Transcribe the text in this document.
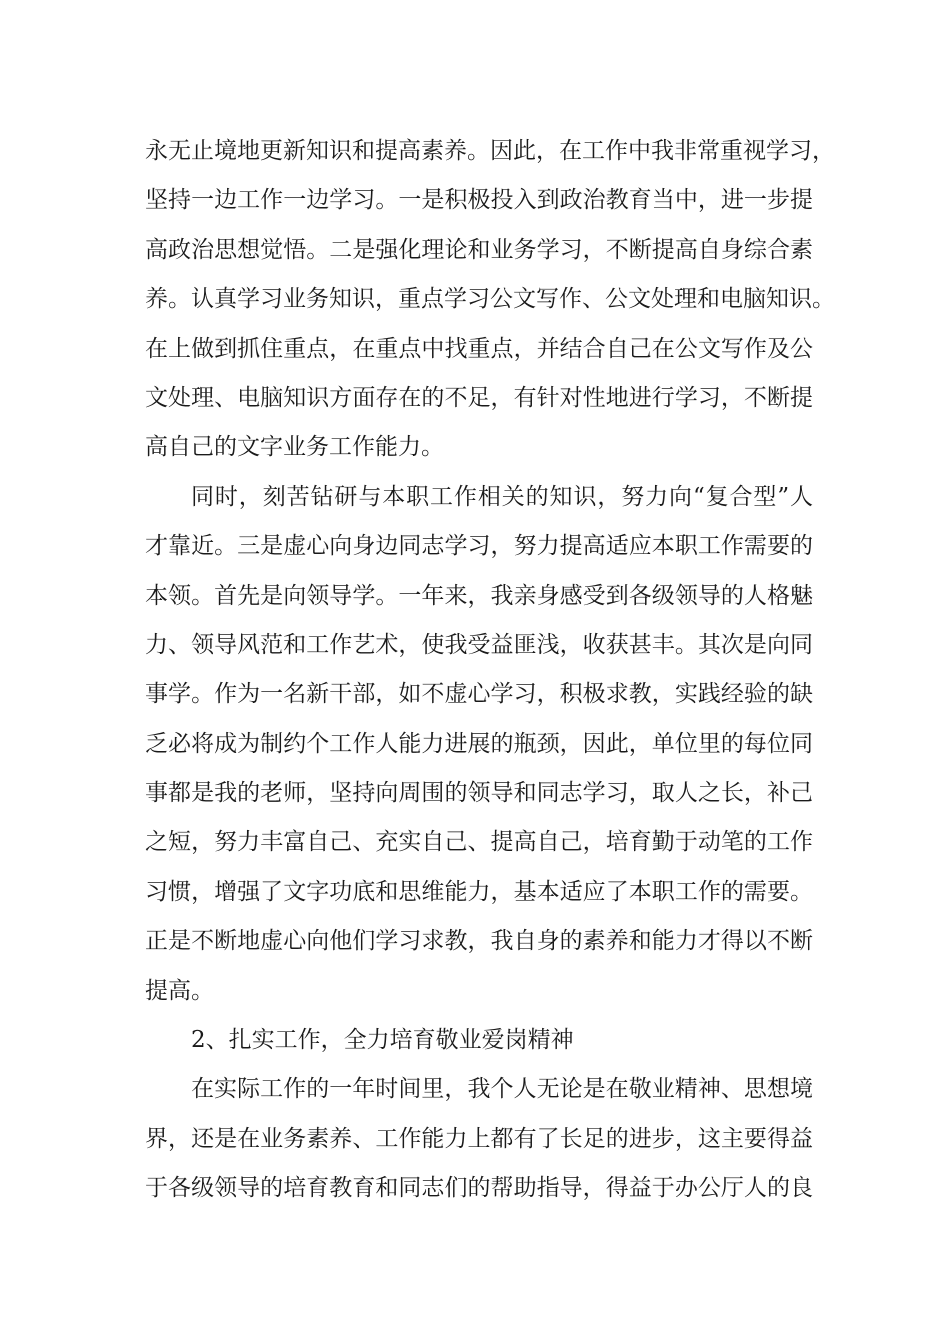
永无止境地更新知识和提高素养。因此，在工作中我非常重视学习，
坚持一边工作一边学习。一是积极投入到政治教育当中，进一步提
高政治思想觉悟。二是强化理论和业务学习，不断提高自身综合素
养。认真学习业务知识，重点学习公文写作、公文处理和电脑知识。
在上做到抓住重点，在重点中找重点，并结合自己在公文写作及公
文处理、电脑知识方面存在的不足，有针对性地进行学习，不断提
高自己的文字业务工作能力。
同时，刻苦钻研与本职工作相关的知识，努力向“复合型”人
才靠近。三是虚心向身边同志学习，努力提高适应本职工作需要的
本领。首先是向领导学。一年来，我亲身感受到各级领导的人格魅
力、领导风范和工作艺术，使我受益匪浅，收获甚丰。其次是向同
事学。作为一名新干部，如不虚心学习，积极求教，实践经验的缺
乏必将成为制约个工作人能力进展的瓶颈，因此，单位里的每位同
事都是我的老师，坚持向周围的领导和同志学习，取人之长，补己
之短，努力丰富自己、充实自己、提高自己，培育勤于动笔的工作
习惯，增强了文字功底和思维能力，基本适应了本职工作的需要。
正是不断地虚心向他们学习求教，我自身的素养和能力才得以不断
提高。
2、扎实工作，全力培育敬业爱岗精神
在实际工作的一年时间里，我个人无论是在敬业精神、思想境
界，还是在业务素养、工作能力上都有了长足的进步，这主要得益
于各级领导的培育教育和同志们的帮助指导，得益于办公厅人的良
